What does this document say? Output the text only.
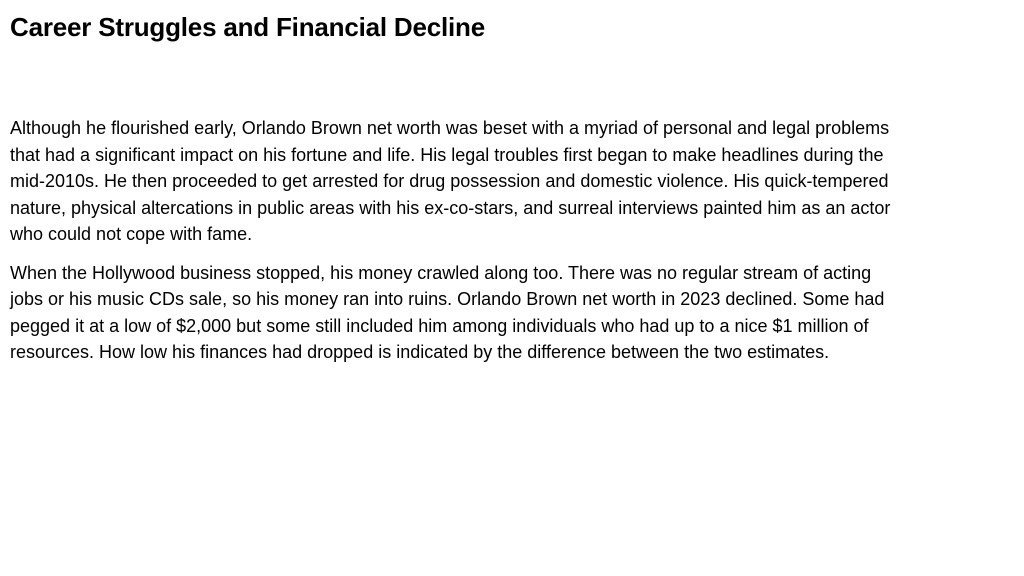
Career Struggles and Financial Decline

Although he flourished early, Orlando Brown net worth was beset with a myriad of personal and legal problems that had a significant impact on his fortune and life. His legal troubles first began to make headlines during the mid-2010s. He then proceeded to get arrested for drug possession and domestic violence. His quick-tempered nature, physical altercations in public areas with his ex-co-stars, and surreal interviews painted him as an actor who could not cope with fame.

When the Hollywood business stopped, his money crawled along too. There was no regular stream of acting jobs or his music CDs sale, so his money ran into ruins. Orlando Brown net worth in 2023 declined. Some had pegged it at a low of $2,000 but some still included him among individuals who had up to a nice $1 million of resources. How low his finances had dropped is indicated by the difference between the two estimates.
